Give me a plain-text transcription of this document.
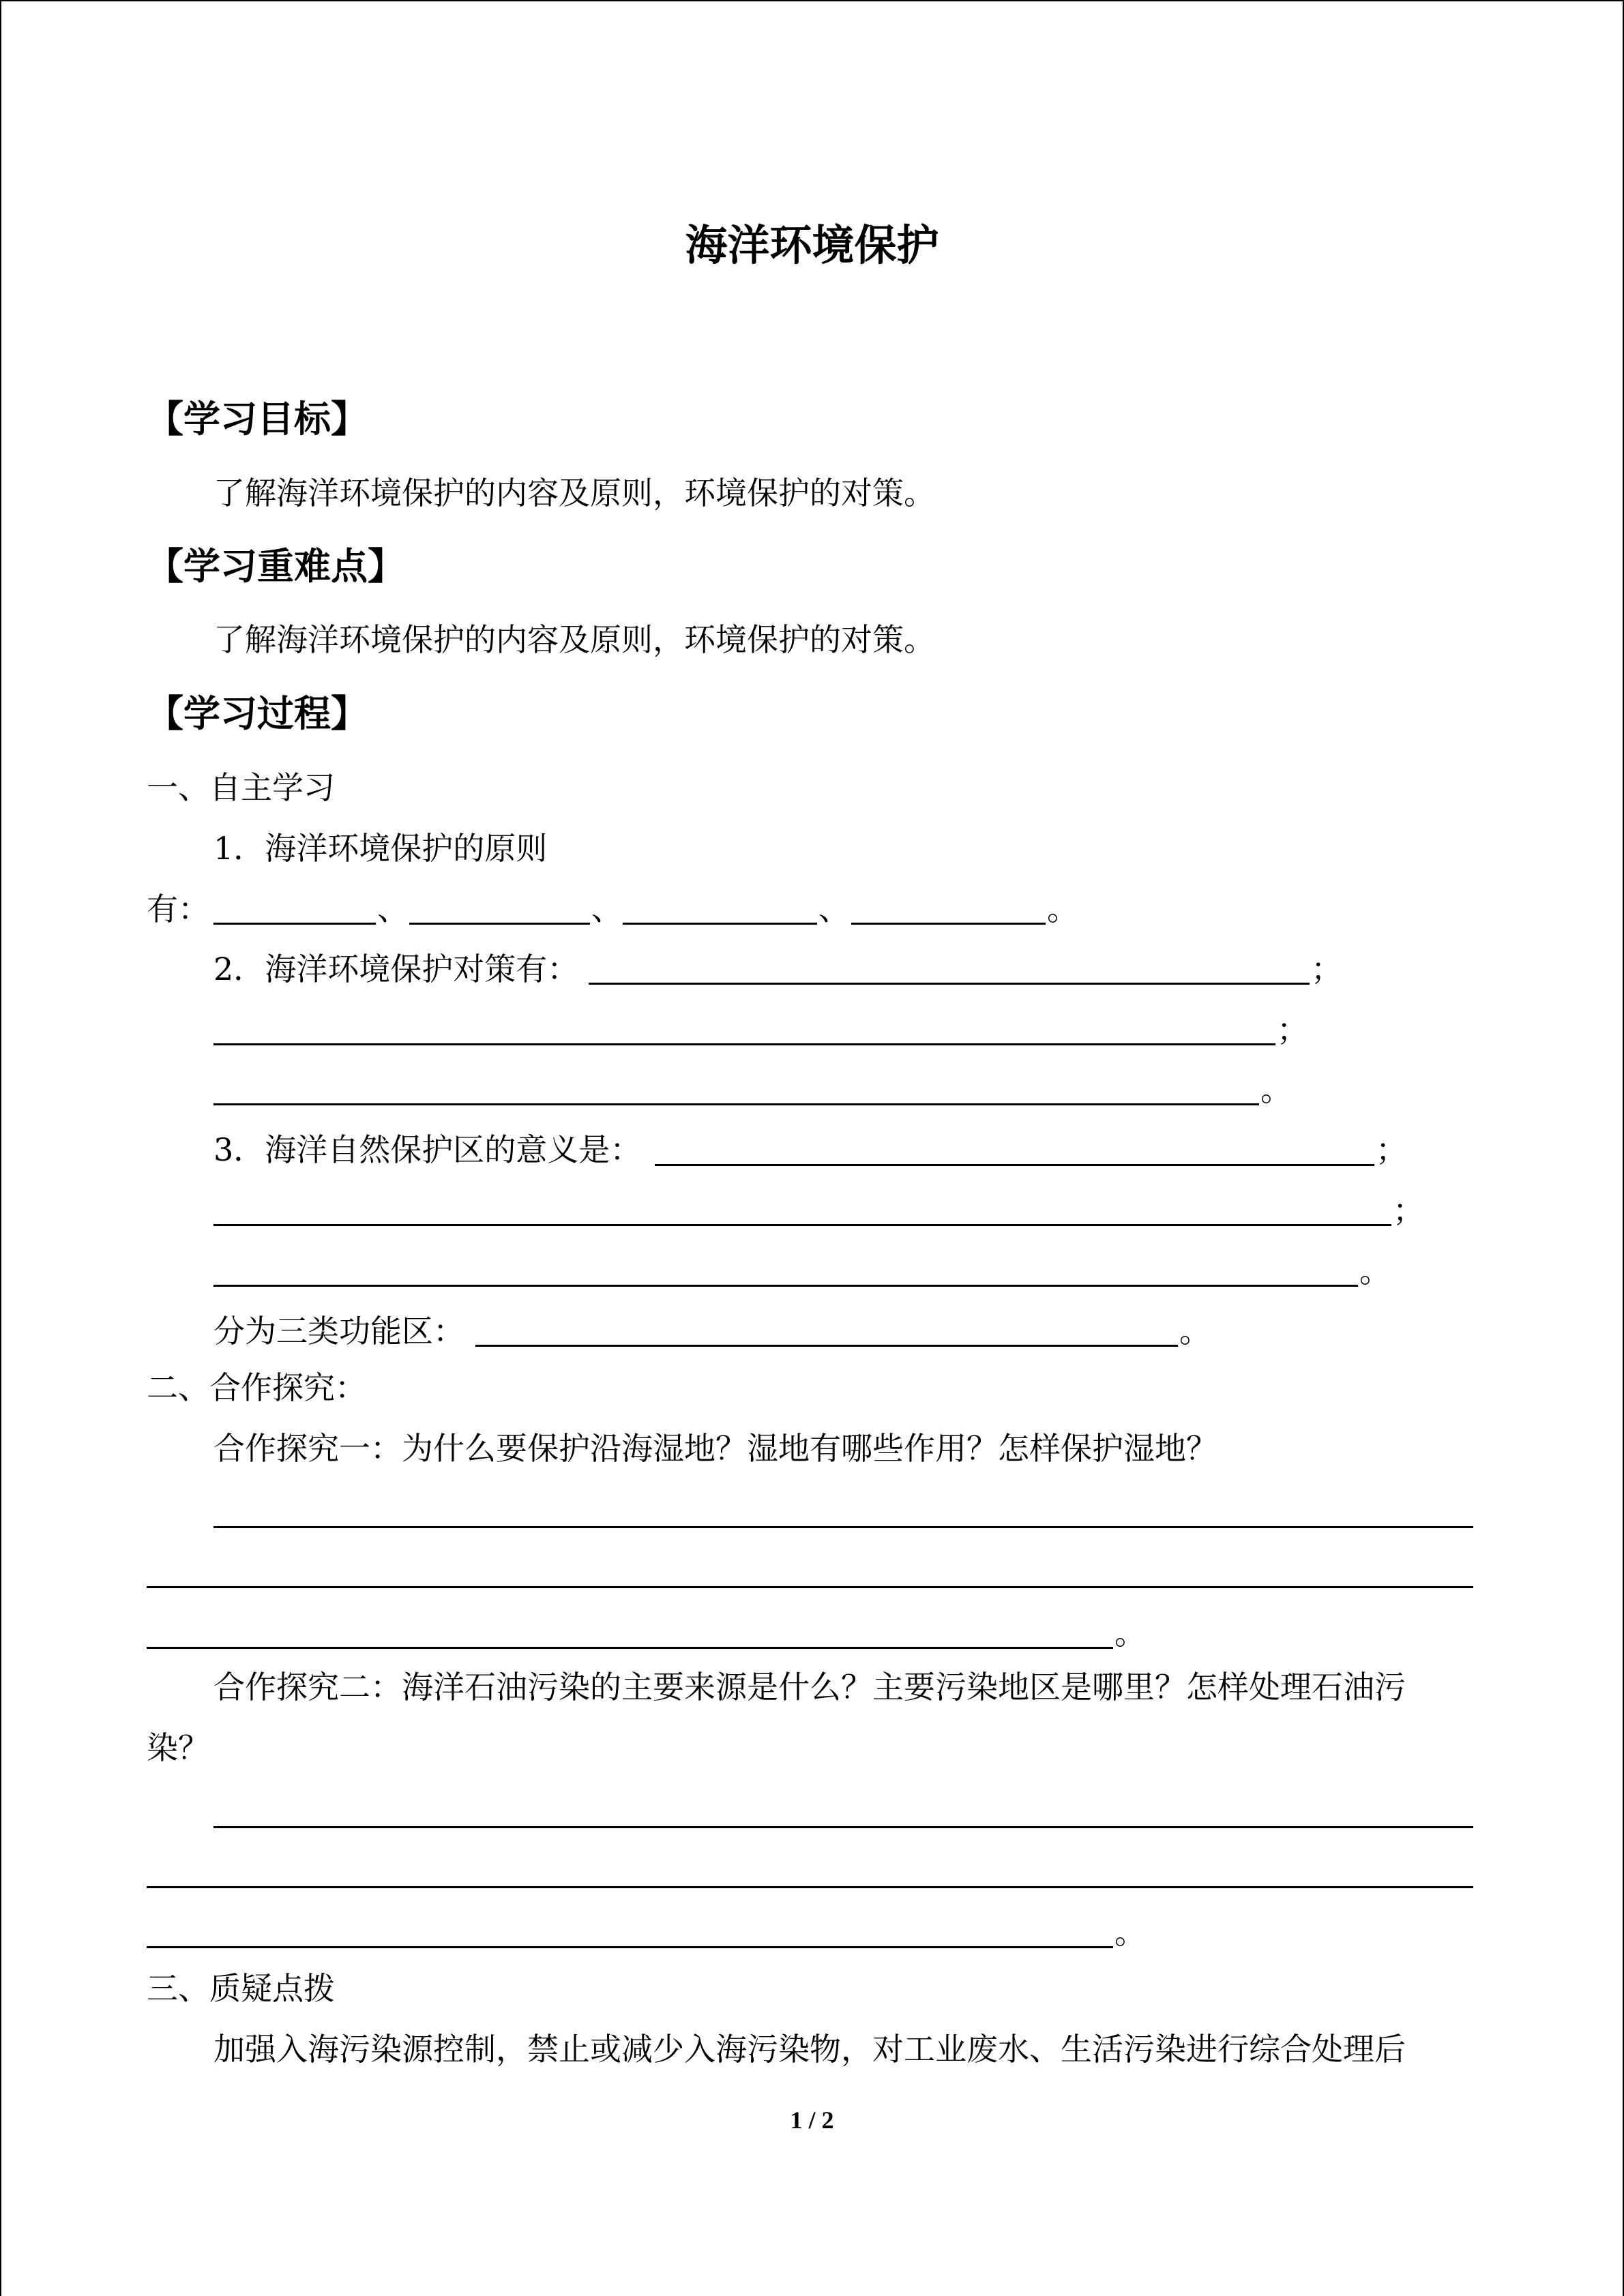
海洋环境保护
【学习目标】
了解海洋环境保护的内容及原则，环境保护的对策。
【学习重难点】
了解海洋环境保护的内容及原则，环境保护的对策。
【学习过程】
一、自主学习
1．海洋环境保护的原则
有：	、	、	、	。
2．海洋环境保护对策有：	；
；
。
3．海洋自然保护区的意义是：	；
；
。
分为三类功能区：	。
二、合作探究：
合作探究一：为什么要保护沿海湿地？湿地有哪些作用？怎样保护湿地？
。
合作探究二：海洋石油污染的主要来源是什么？主要污染地区是哪里？怎样处理石油污
染？
。
三、质疑点拨
加强入海污染源控制，禁止或减少入海污染物，对工业废水、生活污染进行综合处理后
1 / 2
